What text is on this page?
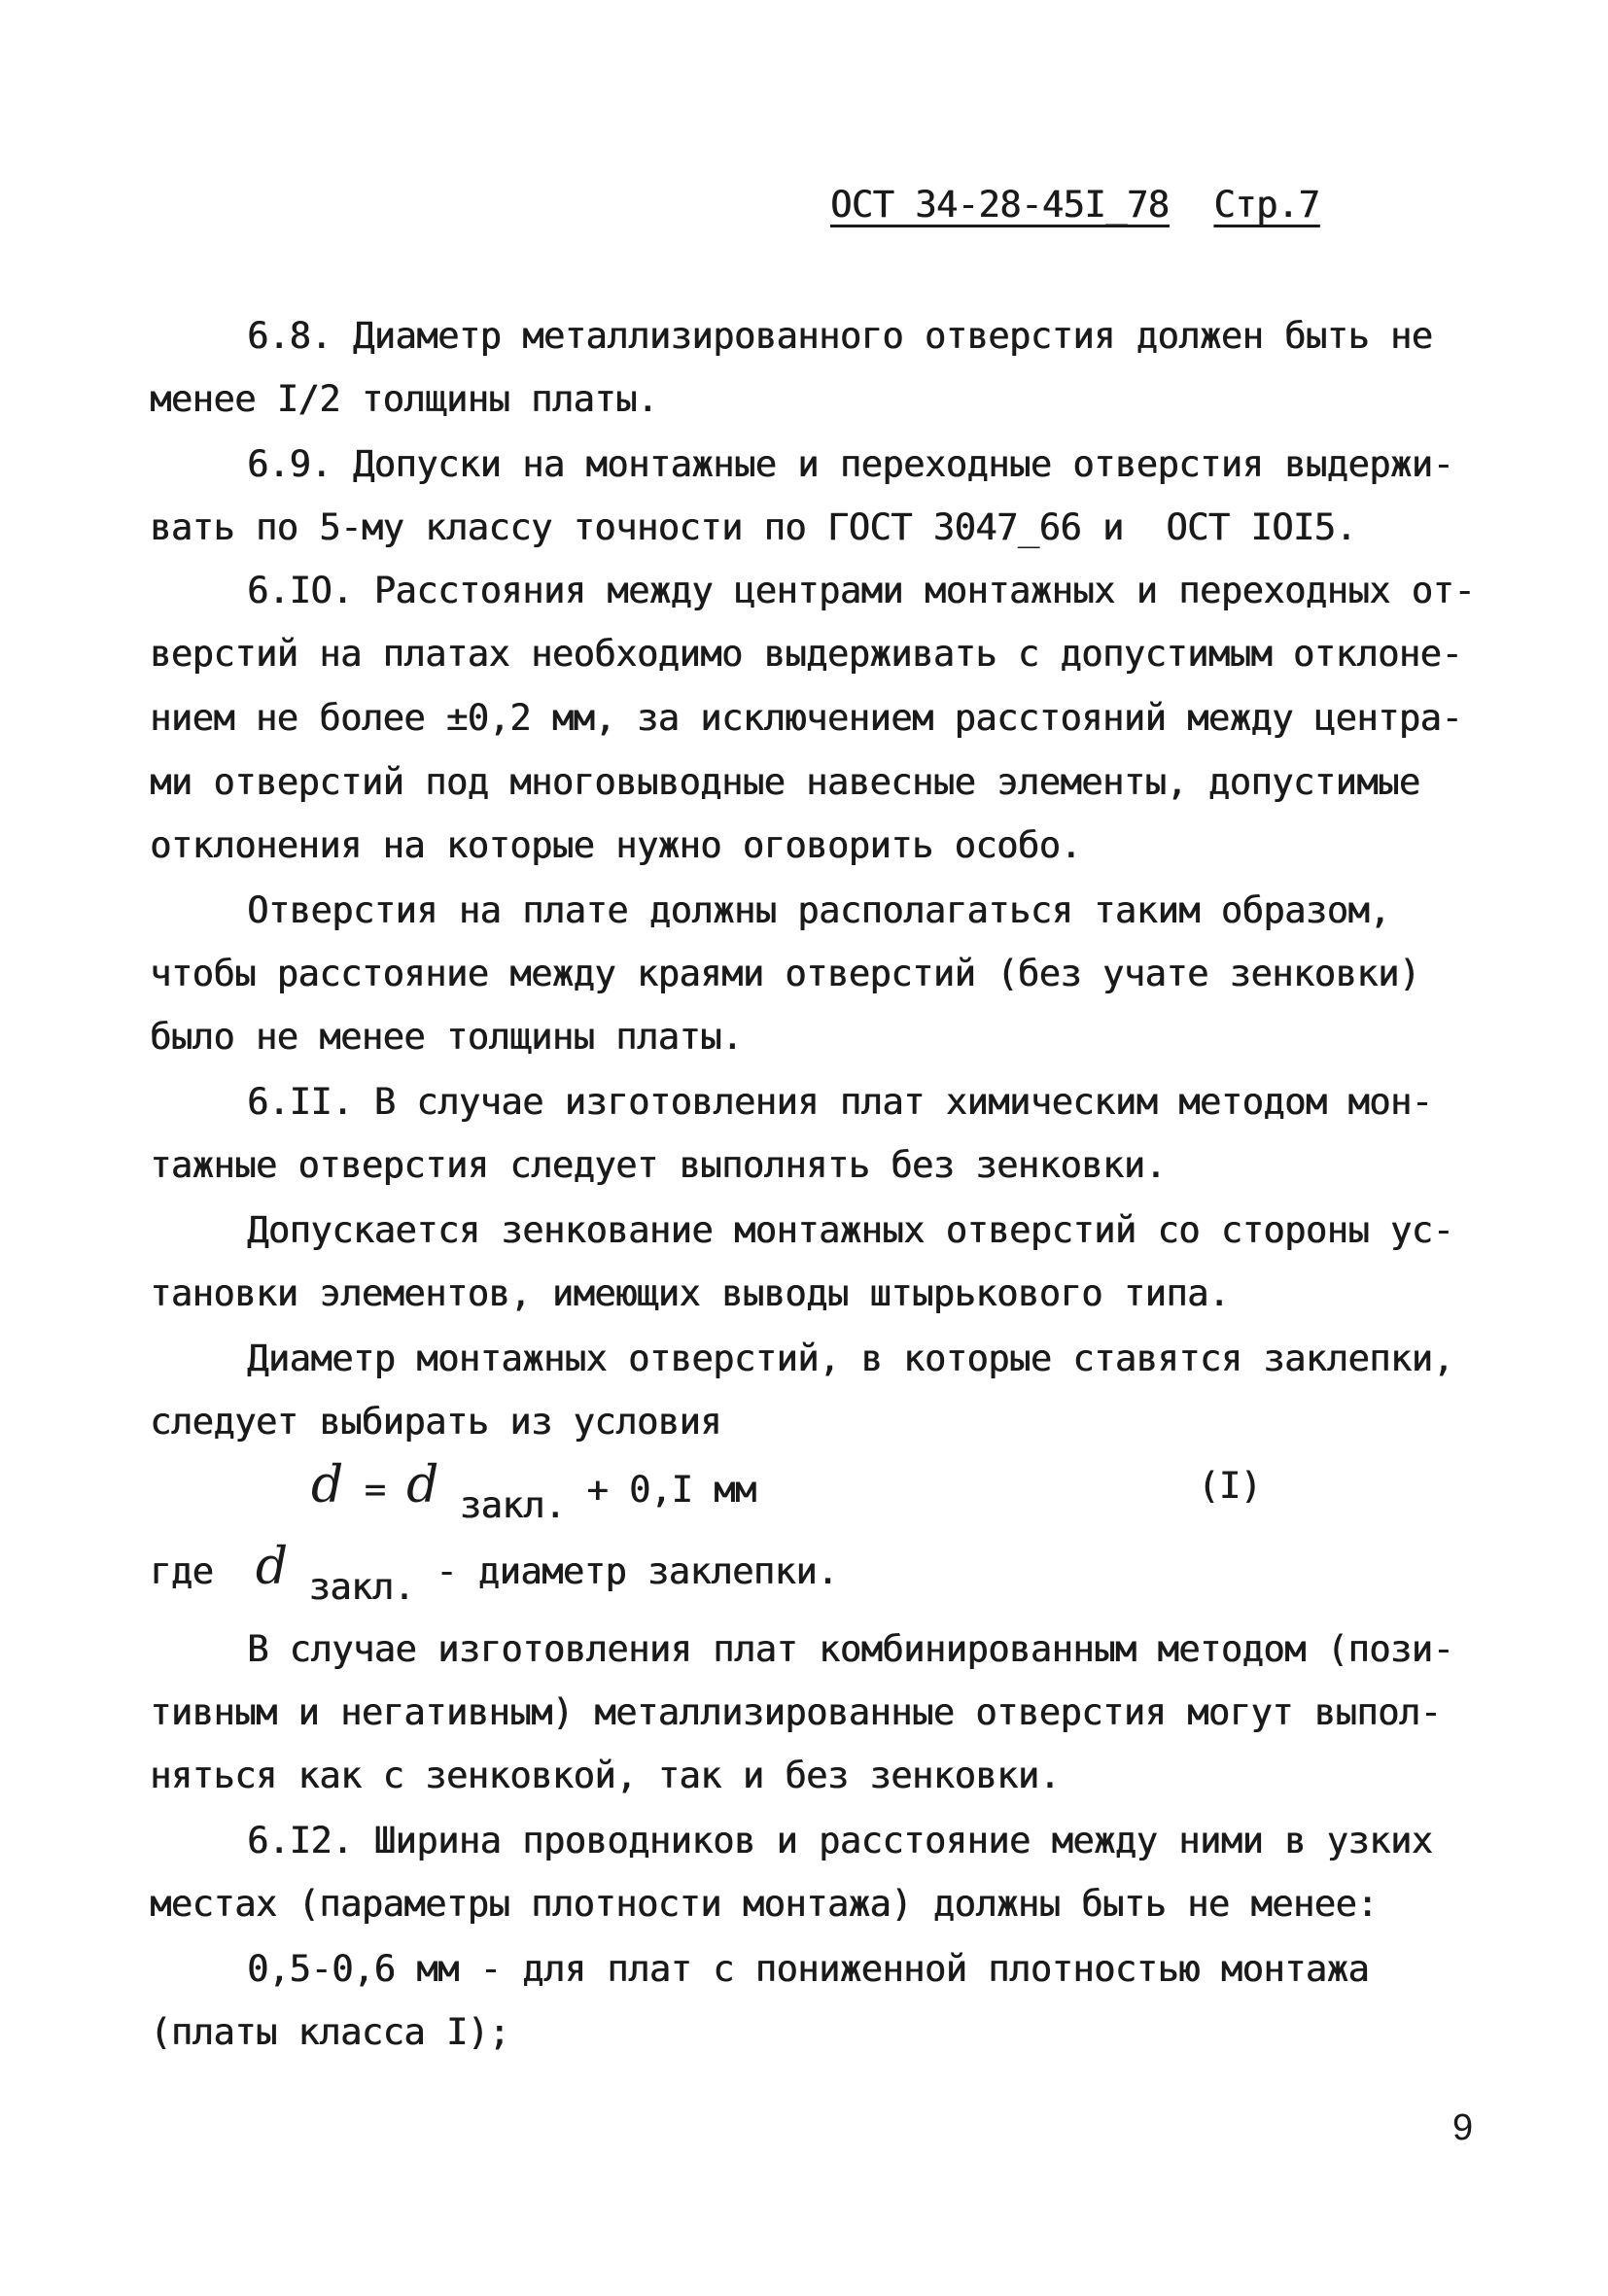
ОСТ 34-28-45I_78 Стр.7
6.8. Диаметр металлизированного отверстия должен быть не
менее I/2 толщины платы.
6.9. Допуски на монтажные и переходные отверстия выдержи-
вать по 5-му классу точности по ГОСТ 3047_66 и  ОСТ IОI5.
6.IО. Расстояния между центрами монтажных и переходных от-
верстий на платах необходимо выдерживать с допустимым отклоне-
нием не более ±0,2 мм, за исключением расстояний между центра-
ми отверстий под многовыводные навесные элементы, допустимые
отклонения на которые нужно оговорить особо.
Отверстия на плате должны располагаться таким образом,
чтобы расстояние между краями отверстий (без учате зенковки)
было не менее толщины платы.
6.II. В случае изготовления плат химическим методом мон-
тажные отверстия следует выполнять без зенковки.
Допускается зенкование монтажных отверстий со стороны ус-
тановки элементов, имеющих выводы штырькового типа.
Диаметр монтажных отверстий, в которые ставятся заклепки,
следует выбирать из условия
d = d закл. + 0,I мм	(I)
где d закл. - диаметр заклепки.
В случае изготовления плат комбинированным методом (пози-
тивным и негативным) металлизированные отверстия могут выпол-
няться как с зенковкой, так и без зенковки.
6.I2. Ширина проводников и расстояние между ними в узких
местах (параметры плотности монтажа) должны быть не менее:
0,5-0,6 мм - для плат с пониженной плотностью монтажа
(платы класса I);
9
